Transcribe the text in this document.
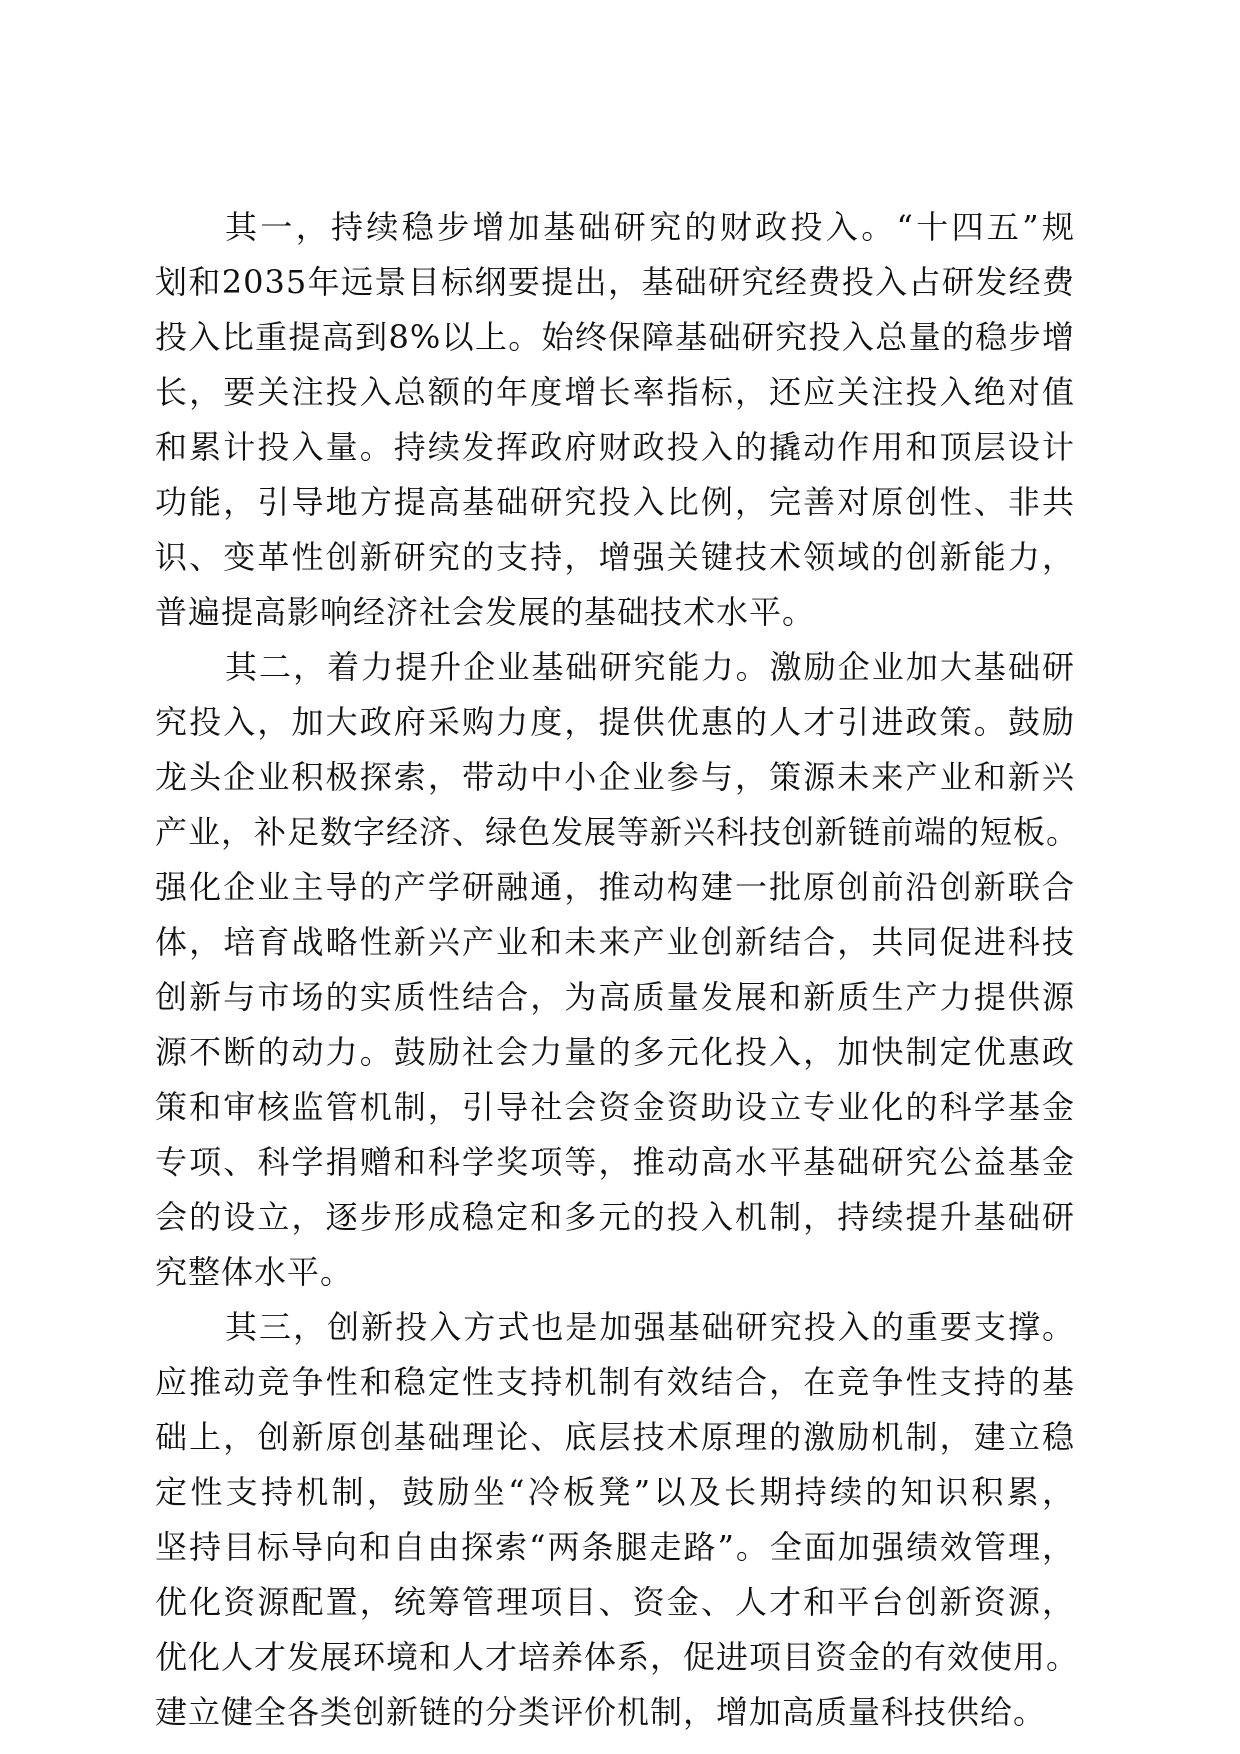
其一，持续稳步增加基础研究的财政投入。“十四五”规
划和2035年远景目标纲要提出，基础研究经费投入占研发经费
投入比重提高到8%以上。始终保障基础研究投入总量的稳步增
长，要关注投入总额的年度增长率指标，还应关注投入绝对值
和累计投入量。持续发挥政府财政投入的撬动作用和顶层设计
功能，引导地方提高基础研究投入比例，完善对原创性、非共
识、变革性创新研究的支持，增强关键技术领域的创新能力，
普遍提高影响经济社会发展的基础技术水平。
其二，着力提升企业基础研究能力。激励企业加大基础研
究投入，加大政府采购力度，提供优惠的人才引进政策。鼓励
龙头企业积极探索，带动中小企业参与，策源未来产业和新兴
产业，补足数字经济、绿色发展等新兴科技创新链前端的短板。
强化企业主导的产学研融通，推动构建一批原创前沿创新联合
体，培育战略性新兴产业和未来产业创新结合，共同促进科技
创新与市场的实质性结合，为高质量发展和新质生产力提供源
源不断的动力。鼓励社会力量的多元化投入，加快制定优惠政
策和审核监管机制，引导社会资金资助设立专业化的科学基金
专项、科学捐赠和科学奖项等，推动高水平基础研究公益基金
会的设立，逐步形成稳定和多元的投入机制，持续提升基础研
究整体水平。
其三，创新投入方式也是加强基础研究投入的重要支撑。
应推动竞争性和稳定性支持机制有效结合，在竞争性支持的基
础上，创新原创基础理论、底层技术原理的激励机制，建立稳
定性支持机制，鼓励坐“冷板凳”以及长期持续的知识积累，
坚持目标导向和自由探索“两条腿走路”。全面加强绩效管理，
优化资源配置，统筹管理项目、资金、人才和平台创新资源，
优化人才发展环境和人才培养体系，促进项目资金的有效使用。
建立健全各类创新链的分类评价机制，增加高质量科技供给。
